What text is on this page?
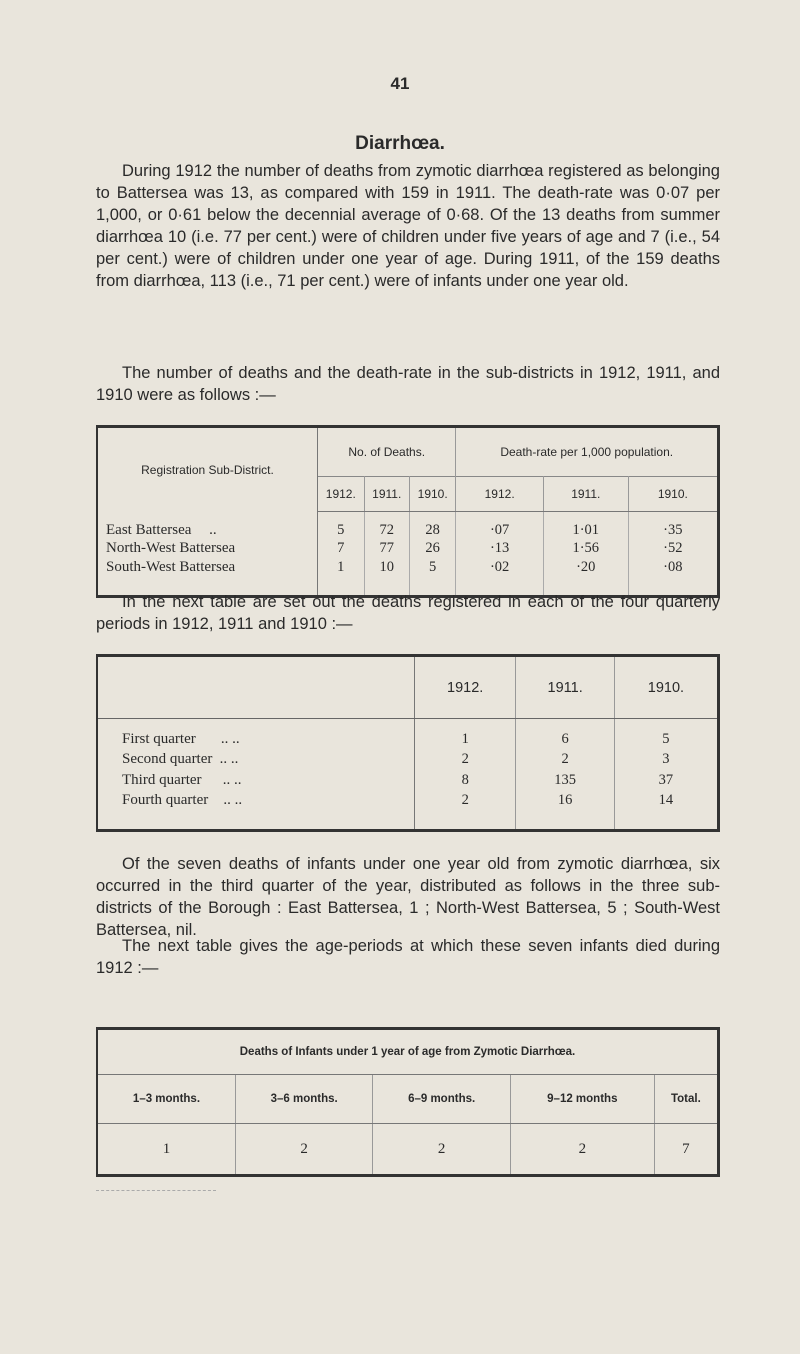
41
Diarrhœa.

During 1912 the number of deaths from zymotic diarrhœa registered as belonging to Battersea was 13, as compared with 159 in 1911. The death-rate was 0·07 per 1,000, or 0·61 below the decennial average of 0·68. Of the 13 deaths from summer diarrhœa 10 (i.e. 77 per cent.) were of children under five years of age and 7 (i.e., 54 per cent.) were of children under one year of age. During 1911, of the 159 deaths from diarrhœa, 113 (i.e., 71 per cent.) were of infants under one year old.

The number of deaths and the death-rate in the sub-districts in 1912, 1911, and 1910 were as follows :—

Registration Sub-District.	No. of Deaths.			Death-rate per 1,000 population.		
	1912.	1911.	1910.	1912.	1911.	1910.
East Battersea ..	5	72	28	·07	1·01	·35
North-West Battersea	7	77	26	·13	1·56	·52
South-West Battersea	1	10	5	·02	·20	·08

In the next table are set out the deaths registered in each of the four quarterly periods in 1912, 1911 and 1910 :—

	1912.	1911.	1910.
First quarter .. ..	1	6	5
Second quarter .. ..	2	2	3
Third quarter .. ..	8	135	37
Fourth quarter .. ..	2	16	14

Of the seven deaths of infants under one year old from zymotic diarrhœa, six occurred in the third quarter of the year, distributed as follows in the three sub-districts of the Borough : East Battersea, 1 ; North-West Battersea, 5 ; South-West Battersea, nil.

The next table gives the age-periods at which these seven infants died during 1912 :—

Deaths of Infants under 1 year of age from Zymotic Diarrhœa.				
1–3 months.	3–6 months.	6–9 months.	9–12 months	Total.
1	2	2	2	7
